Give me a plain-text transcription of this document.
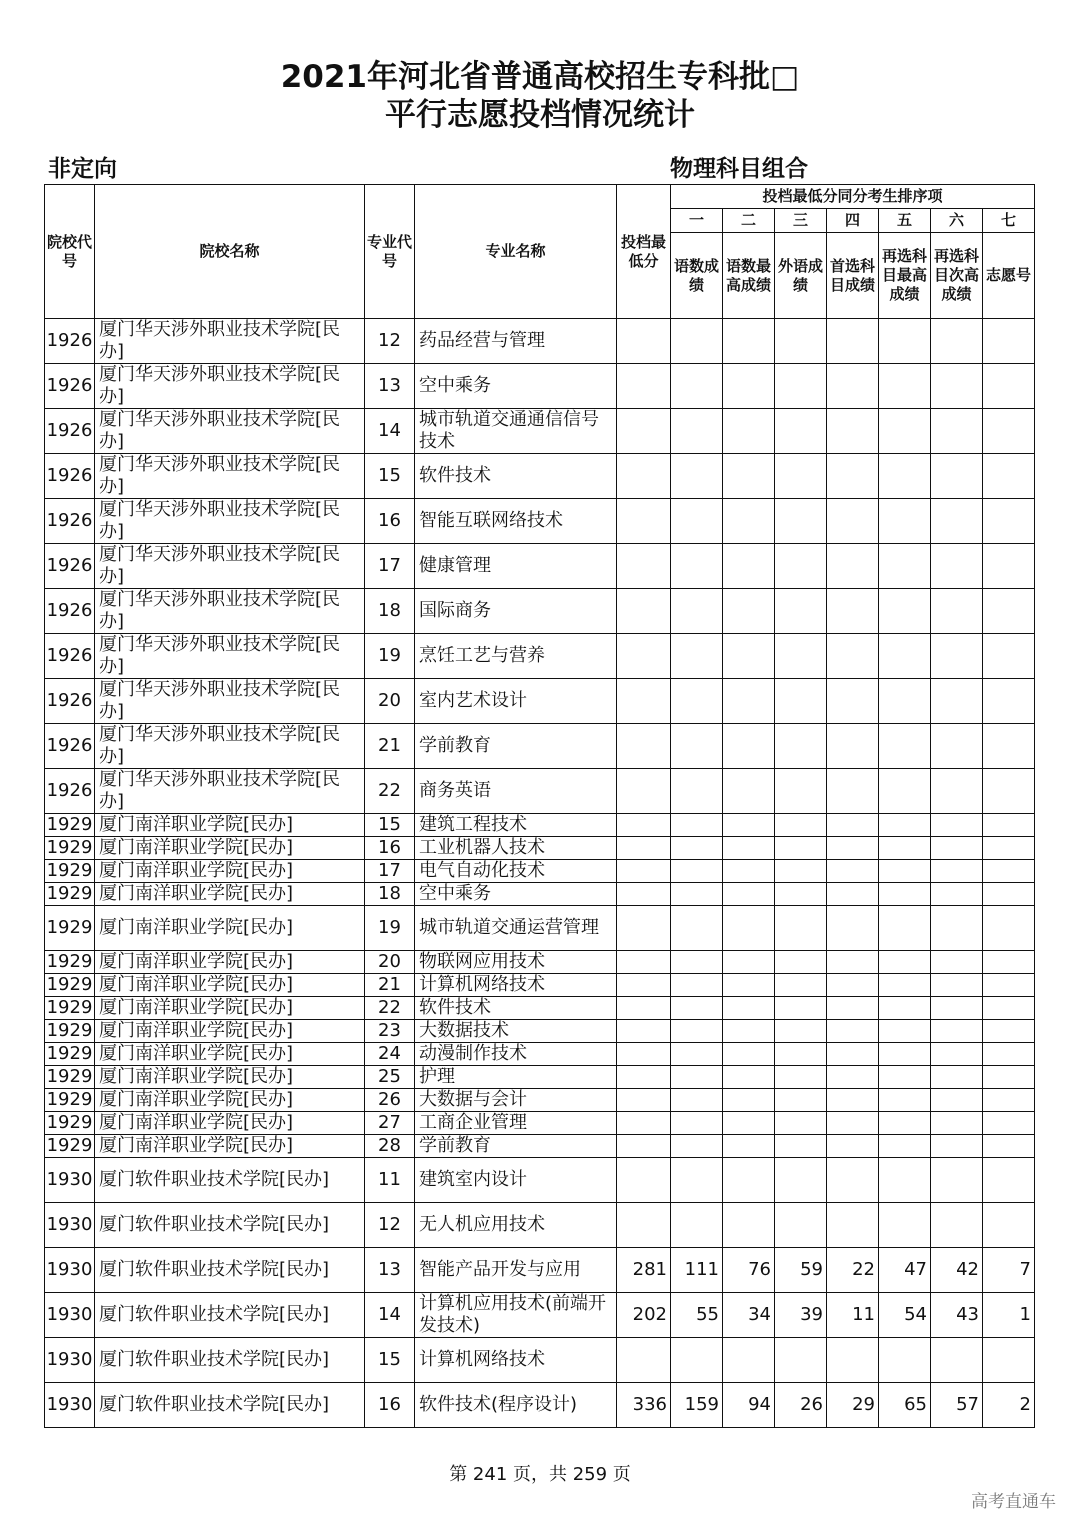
2021年河北省普通高校招生专科批□
平行志愿投档情况统计
非定向	物理科目组合
院校代号	院校名称	专业代号	专业名称	投档最低分	投档最低分同分考生排序项						
					一	二	三	四	五	六	七
					语数成绩	语数最高成绩	外语成绩	首选科目成绩	再选科目最高成绩	再选科目次高成绩	志愿号
1926	厦门华天涉外职业技术学院[民办]	12	药品经营与管理								
1926	厦门华天涉外职业技术学院[民办]	13	空中乘务								
1926	厦门华天涉外职业技术学院[民办]	14	城市轨道交通通信信号技术								
1926	厦门华天涉外职业技术学院[民办]	15	软件技术								
1926	厦门华天涉外职业技术学院[民办]	16	智能互联网络技术								
1926	厦门华天涉外职业技术学院[民办]	17	健康管理								
1926	厦门华天涉外职业技术学院[民办]	18	国际商务								
1926	厦门华天涉外职业技术学院[民办]	19	烹饪工艺与营养								
1926	厦门华天涉外职业技术学院[民办]	20	室内艺术设计								
1926	厦门华天涉外职业技术学院[民办]	21	学前教育								
1926	厦门华天涉外职业技术学院[民办]	22	商务英语								
1929	厦门南洋职业学院[民办]	15	建筑工程技术								
1929	厦门南洋职业学院[民办]	16	工业机器人技术								
1929	厦门南洋职业学院[民办]	17	电气自动化技术								
1929	厦门南洋职业学院[民办]	18	空中乘务								
1929	厦门南洋职业学院[民办]	19	城市轨道交通运营管理								
1929	厦门南洋职业学院[民办]	20	物联网应用技术								
1929	厦门南洋职业学院[民办]	21	计算机网络技术								
1929	厦门南洋职业学院[民办]	22	软件技术								
1929	厦门南洋职业学院[民办]	23	大数据技术								
1929	厦门南洋职业学院[民办]	24	动漫制作技术								
1929	厦门南洋职业学院[民办]	25	护理								
1929	厦门南洋职业学院[民办]	26	大数据与会计								
1929	厦门南洋职业学院[民办]	27	工商企业管理								
1929	厦门南洋职业学院[民办]	28	学前教育								
1930	厦门软件职业技术学院[民办]	11	建筑室内设计								
1930	厦门软件职业技术学院[民办]	12	无人机应用技术								
1930	厦门软件职业技术学院[民办]	13	智能产品开发与应用	281	111	76	59	22	47	42	7
1930	厦门软件职业技术学院[民办]	14	计算机应用技术(前端开发技术)	202	55	34	39	11	54	43	1
1930	厦门软件职业技术学院[民办]	15	计算机网络技术								
1930	厦门软件职业技术学院[民办]	16	软件技术(程序设计)	336	159	94	26	29	65	57	2
第 241 页，共 259 页
高考直通车
